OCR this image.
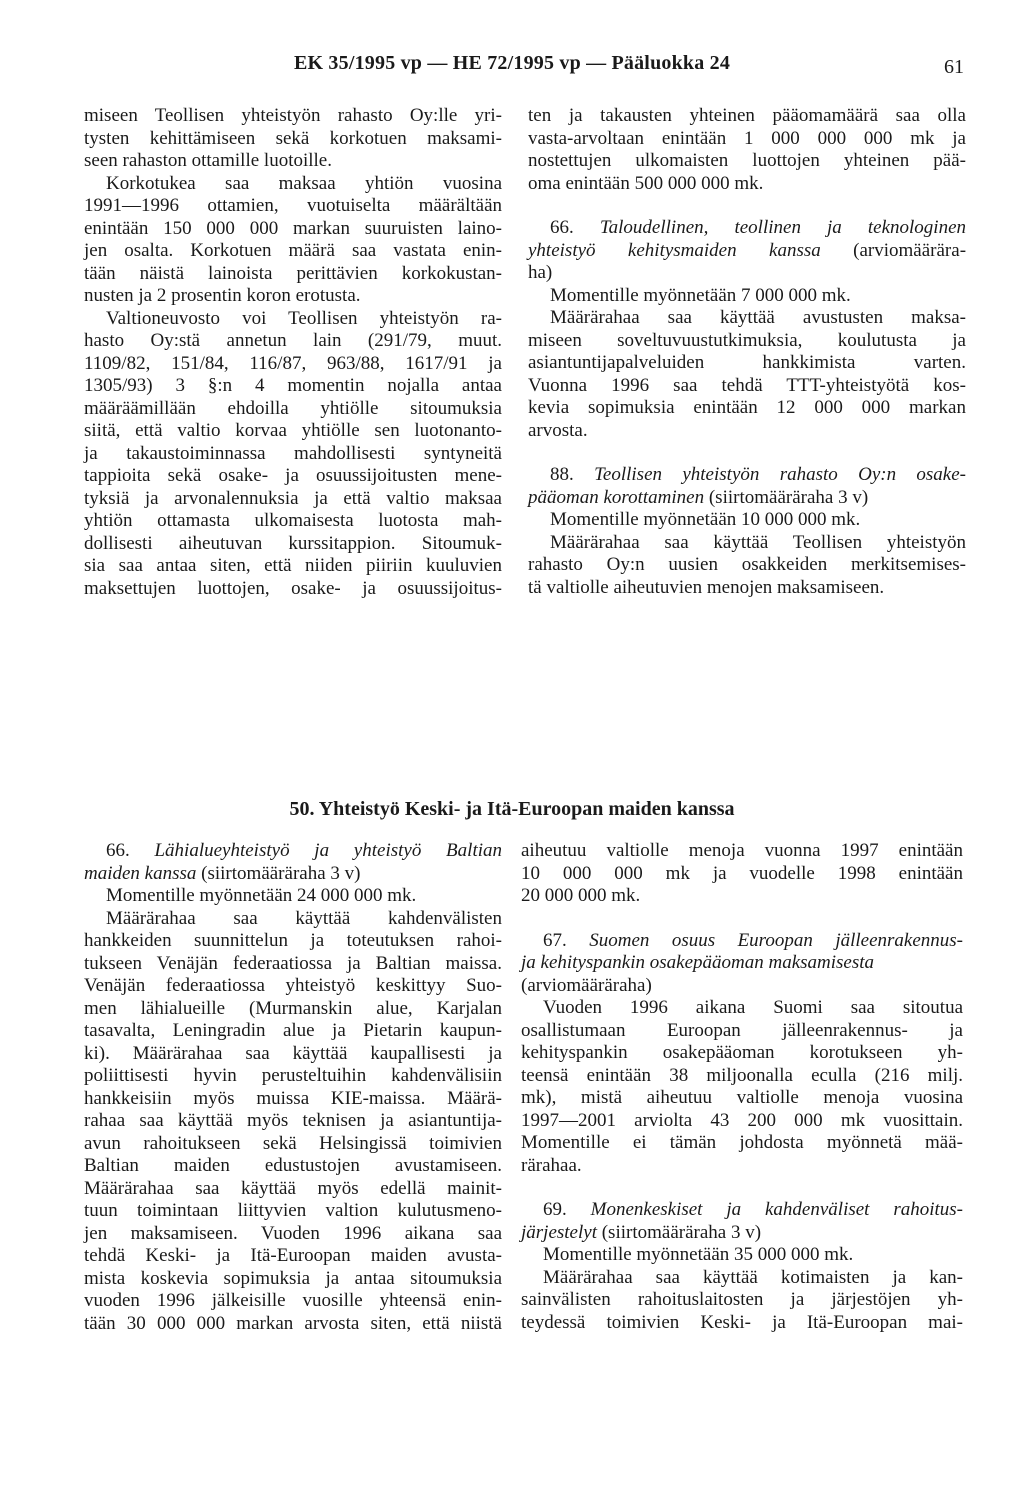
EK 35/1995 vp — HE 72/1995 vp — Pääluokka 24	61
miseen Teollisen yhteistyön rahasto Oy:lle yri-
tysten kehittämiseen sekä korkotuen maksami-
seen rahaston ottamille luotoille.
Korkotukea saa maksaa yhtiön vuosina
1991—1996 ottamien, vuotuiselta määrältään
enintään 150 000 000 markan suuruisten laino-
jen osalta. Korkotuen määrä saa vastata enin-
tään näistä lainoista perittävien korkokustan-
nusten ja 2 prosentin koron erotusta.
Valtioneuvosto voi Teollisen yhteistyön ra-
hasto Oy:stä annetun lain (291/79, muut.
1109/82, 151/84, 116/87, 963/88, 1617/91 ja
1305/93) 3 §:n 4 momentin nojalla antaa
määräämillään ehdoilla yhtiölle sitoumuksia
siitä, että valtio korvaa yhtiölle sen luotonanto-
ja takaustoiminnassa mahdollisesti syntyneitä
tappioita sekä osake- ja osuussijoitusten mene-
tyksiä ja arvonalennuksia ja että valtio maksaa
yhtiön ottamasta ulkomaisesta luotosta mah-
dollisesti aiheutuvan kurssitappion. Sitoumuk-
sia saa antaa siten, että niiden piiriin kuuluvien
maksettujen luottojen, osake- ja osuussijoitus-
ten ja takausten yhteinen pääomamäärä saa olla
vasta-arvoltaan enintään 1 000 000 000 mk ja
nostettujen ulkomaisten luottojen yhteinen pää-
oma enintään 500 000 000 mk.
66. Taloudellinen, teollinen ja teknologinen
yhteistyö kehitysmaiden kanssa (arviomäärära-
ha)
Momentille myönnetään 7 000 000 mk.
Määrärahaa saa käyttää avustusten maksa-
miseen soveltuvuustutkimuksia, koulutusta ja
asiantuntijapalveluiden hankkimista varten.
Vuonna 1996 saa tehdä TTT-yhteistyötä kos-
kevia sopimuksia enintään 12 000 000 markan
arvosta.
88. Teollisen yhteistyön rahasto Oy:n osake-
pääoman korottaminen (siirtomääräraha 3 v)
Momentille myönnetään 10 000 000 mk.
Määrärahaa saa käyttää Teollisen yhteistyön
rahasto Oy:n uusien osakkeiden merkitsemises-
tä valtiolle aiheutuvien menojen maksamiseen.
50. Yhteistyö Keski- ja Itä-Euroopan maiden kanssa
66. Lähialueyhteistyö ja yhteistyö Baltian
maiden kanssa (siirtomääräraha 3 v)
Momentille myönnetään 24 000 000 mk.
Määrärahaa saa käyttää kahdenvälisten
hankkeiden suunnittelun ja toteutuksen rahoi-
tukseen Venäjän federaatiossa ja Baltian maissa.
Venäjän federaatiossa yhteistyö keskittyy Suo-
men lähialueille (Murmanskin alue, Karjalan
tasavalta, Leningradin alue ja Pietarin kaupun-
ki). Määrärahaa saa käyttää kaupallisesti ja
poliittisesti hyvin perusteltuihin kahdenvälisiin
hankkeisiin myös muissa KIE-maissa. Määrä-
rahaa saa käyttää myös teknisen ja asiantuntija-
avun rahoitukseen sekä Helsingissä toimivien
Baltian maiden edustustojen avustamiseen.
Määrärahaa saa käyttää myös edellä mainit-
tuun toimintaan liittyvien valtion kulutusmeno-
jen maksamiseen. Vuoden 1996 aikana saa
tehdä Keski- ja Itä-Euroopan maiden avusta-
mista koskevia sopimuksia ja antaa sitoumuksia
vuoden 1996 jälkeisille vuosille yhteensä enin-
tään 30 000 000 markan arvosta siten, että niistä
aiheutuu valtiolle menoja vuonna 1997 enintään
10 000 000 mk ja vuodelle 1998 enintään
20 000 000 mk.
67. Suomen osuus Euroopan jälleenrakennus-
ja kehityspankin osakepääoman maksamisesta
(arviomääräraha)
Vuoden 1996 aikana Suomi saa sitoutua
osallistumaan Euroopan jälleenrakennus- ja
kehityspankin osakepääoman korotukseen yh-
teensä enintään 38 miljoonalla eculla (216 milj.
mk), mistä aiheutuu valtiolle menoja vuosina
1997—2001 arviolta 43 200 000 mk vuosittain.
Momentille ei tämän johdosta myönnetä mää-
rärahaa.
69. Monenkeskiset ja kahdenväliset rahoitus-
järjestelyt (siirtomääräraha 3 v)
Momentille myönnetään 35 000 000 mk.
Määrärahaa saa käyttää kotimaisten ja kan-
sainvälisten rahoituslaitosten ja järjestöjen yh-
teydessä toimivien Keski- ja Itä-Euroopan mai-
